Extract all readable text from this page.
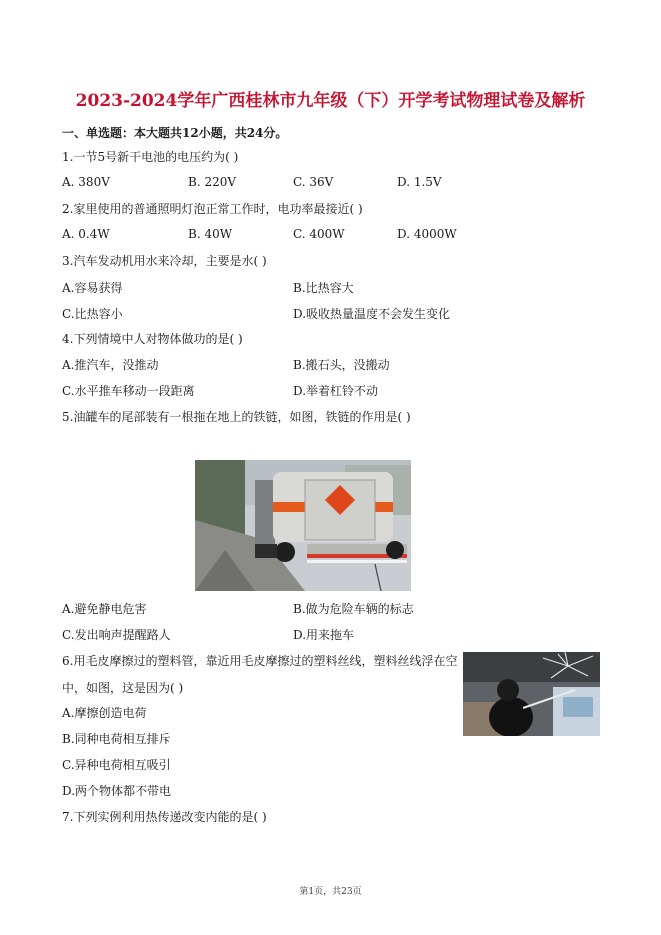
2023-2024学年广西桂林市九年级（下）开学考试物理试卷及解析
一、单选题：本大题共12小题，共24分。
1.一节5号新干电池的电压约为( )
A. 380V	B. 220V	C. 36V	D. 1.5V
2.家里使用的普通照明灯泡正常工作时，电功率最接近( )
A. 0.4W	B. 40W	C. 400W	D. 4000W
3.汽车发动机用水来冷却，主要是水( )
A.容易获得	B.比热容大
C.比热容小	D.吸收热量温度不会发生变化
4.下列情境中人对物体做功的是( )
A.推汽车，没推动	B.搬石头，没搬动
C.水平推车移动一段距离	D.举着杠铃不动
5.油罐车的尾部装有一根拖在地上的铁链，如图，铁链的作用是( )
A.避免静电危害	B.做为危险车辆的标志
C.发出响声提醒路人	D.用来拖车
6.用毛皮摩擦过的塑料管，靠近用毛皮摩擦过的塑料丝线，塑料丝线浮在空
中，如图，这是因为( )
A.摩擦创造电荷
B.同种电荷相互排斥
C.异种电荷相互吸引
D.两个物体都不带电
7.下列实例利用热传递改变内能的是( )
第1页，共23页
